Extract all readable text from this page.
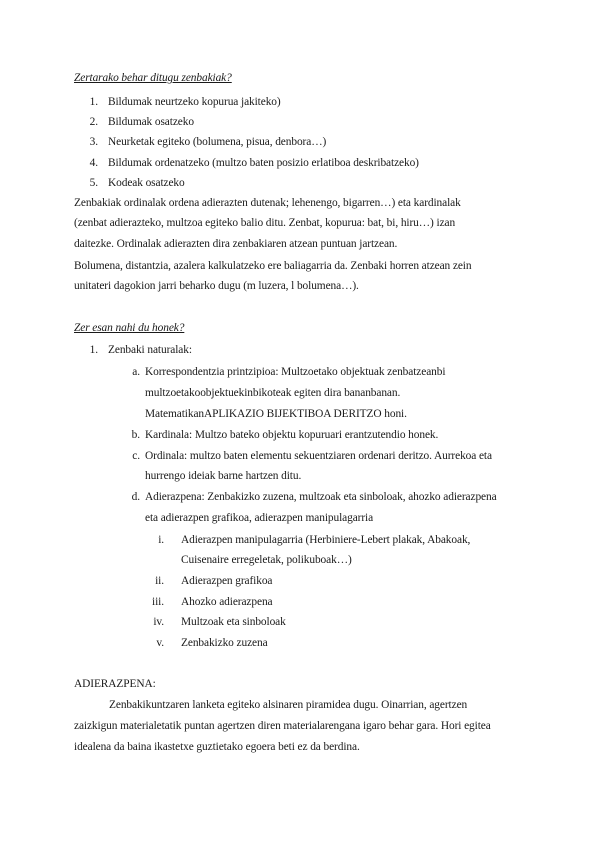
Zertarako behar ditugu zenbakiak?
1. Bildumak neurtzeko kopurua jakiteko)
2. Bildumak osatzeko
3. Neurketak egiteko (bolumena, pisua, denbora…)
4. Bildumak ordenatzeko (multzo baten posizio erlatiboa deskribatzeko)
5. Kodeak osatzeko
Zenbakiak ordinalak ordena adierazten dutenak; lehenengo, bigarren…) eta kardinalak
(zenbat adierazteko, multzoa egiteko balio ditu. Zenbat, kopurua: bat, bi, hiru…) izan
daitezke. Ordinalak adierazten dira zenbakiaren atzean puntuan jartzean.
Bolumena, distantzia, azalera kalkulatzeko ere baliagarria da. Zenbaki horren atzean zein
unitateri dagokion jarri beharko dugu (m luzera, l bolumena…).
Zer esan nahi du honek?
1. Zenbaki naturalak:
a. Korrespondentzia printzipioa: Multzoetako objektuak zenbatzeanbi
multzoetakoobjektuekinbikoteak egiten dira bananbanan.
MatematikanAPLIKAZIO BIJEKTIBOA DERITZO honi.
b. Kardinala: Multzo bateko objektu kopuruari erantzutendio honek.
c. Ordinala: multzo baten elementu sekuentziaren ordenari deritzo. Aurrekoa eta
hurrengo ideiak barne hartzen ditu.
d. Adierazpena: Zenbakizko zuzena, multzoak eta sinboloak, ahozko adierazpena
eta adierazpen grafikoa, adierazpen manipulagarria
i. Adierazpen manipulagarria (Herbiniere-Lebert plakak, Abakoak,
Cuisenaire erregeletak, polikuboak…)
ii. Adierazpen grafikoa
iii. Ahozko adierazpena
iv. Multzoak eta sinboloak
v. Zenbakizko zuzena
ADIERAZPENA:
Zenbakikuntzaren lanketa egiteko alsinaren piramidea dugu. Oinarrian, agertzen
zaizkigun materialetatik puntan agertzen diren materialarengana igaro behar gara. Hori egitea
idealena da baina ikastetxe guztietako egoera beti ez da berdina.
